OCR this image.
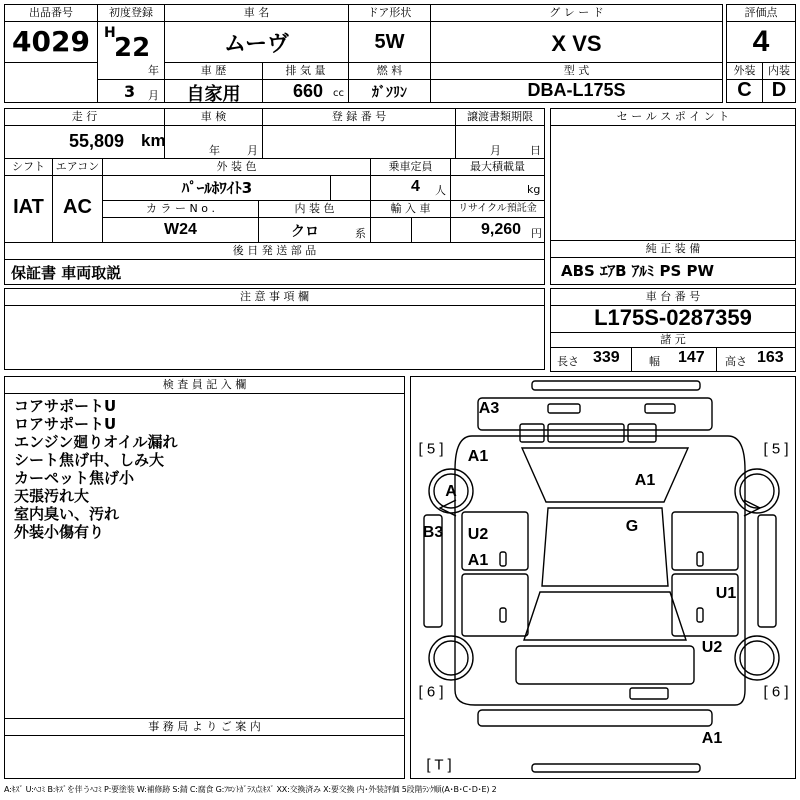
出品番号
4029
初度登録
H
22
年
3 月
車 名
ムーヴ
ドア形状
5W
グ レ ー ド
X VS
評価点
4
車 歴
自家用
排 気 量
660 cc
燃 料
ｶﾞｿﾘﾝ
型 式
DBA-L175S
外装
C
内装
D
走 行
55,809 km
車 検
年 月
登 録 番 号	譲渡書類期限
月	日
シフト
IAT
エアコン
AC
外 装 色
ﾊﾟｰﾙﾎﾜｲﾄ3
乗車定員
4 人
最大積載量
kg
カ ラ ー N o .
W24
内 装 色
クロ	系
輸 入 車	リサイクル預託金
9,260 円
後 日 発 送 部 品
保証書 車両取説
セ ー ル ス ポ イ ン ト
純 正 装 備
ABS ｴｱB ｱﾙﾐ PS PW
注 意 事 項 欄	車 台 番 号
L175S-0287359
諸 元
長さ 339	幅 147 高さ 163
検 査 員 記 入 欄
コアサポートU
ロアサポートU
エンジン廻りオイル漏れ
シート焦げ中、しみ大
カーペット焦げ小
天張汚れ大
室内臭い、汚れ
外装小傷有り
事 務 局 よ り ご 案 内
A3
A1
A
A1
G
B3 U2
A1
U1
U2
A1
[ 5 ]	[ 5 ]
[ 6 ]	[ 6 ]
[ T ]
A:ｷｽﾞ U:ﾍｺﾐ B:ｷｽﾞを伴うﾍｺﾐ P:要塗装 W:補修跡 S:錆 C:腐食 G:ﾌﾛﾝﾄｶﾞﾗｽ点ｷｽﾞ XX:交換済み X:要交換 内･外装評価 5段階ﾗﾝｸ順(A･B･C･D･E) 2
